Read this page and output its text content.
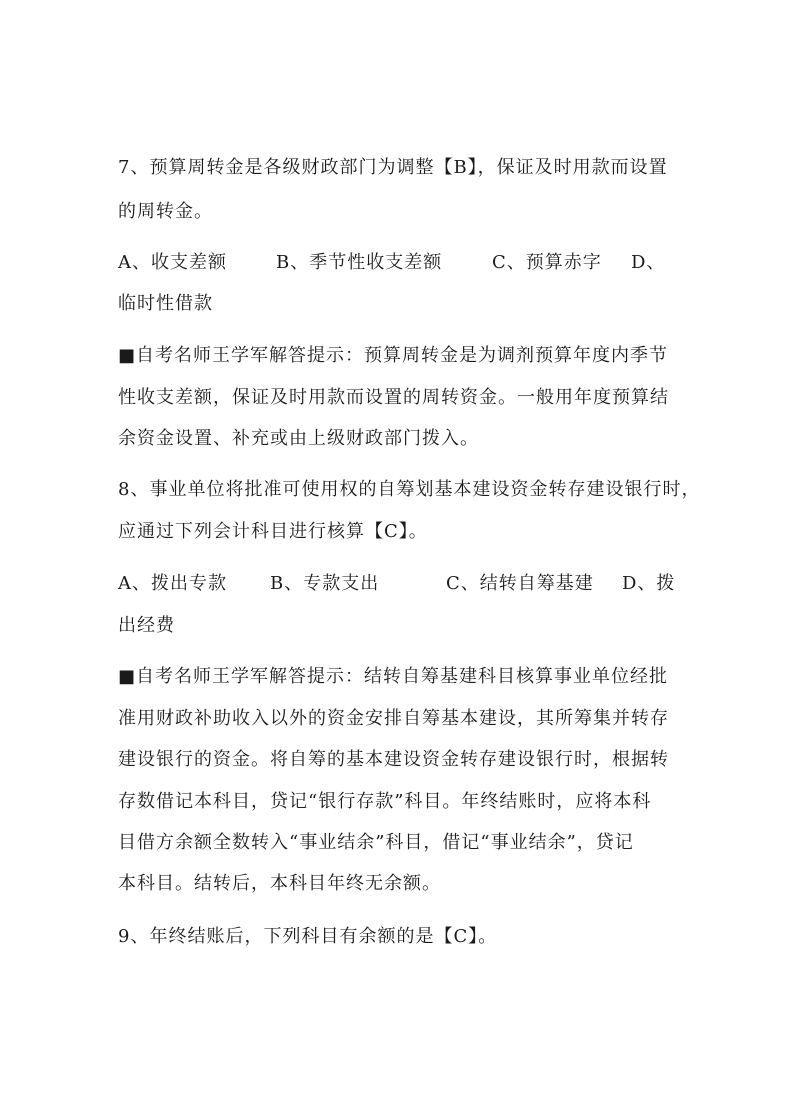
7、预算周转金是各级财政部门为调整【B】，保证及时用款而设置
的周转金。
A、收支差额	B、季节性收支差额	C、预算赤字 D、
临时性借款
■自考名师王学军解答提示：预算周转金是为调剂预算年度内季节
性收支差额，保证及时用款而设置的周转资金。一般用年度预算结
余资金设置、补充或由上级财政部门拨入。
8、事业单位将批准可使用权的自筹划基本建设资金转存建设银行时，
应通过下列会计科目进行核算【C】。
A、拨出专款 B、专款支出	C、结转自筹基建 D、拨
出经费
■自考名师王学军解答提示：结转自筹基建科目核算事业单位经批
准用财政补助收入以外的资金安排自筹基本建设，其所筹集并转存
建设银行的资金。将自筹的基本建设资金转存建设银行时，根据转
存数借记本科目，贷记“银行存款”科目。年终结账时，应将本科
目借方余额全数转入“事业结余”科目，借记“事业结余”，贷记
本科目。结转后，本科目年终无余额。
9、年终结账后，下列科目有余额的是【C】。
